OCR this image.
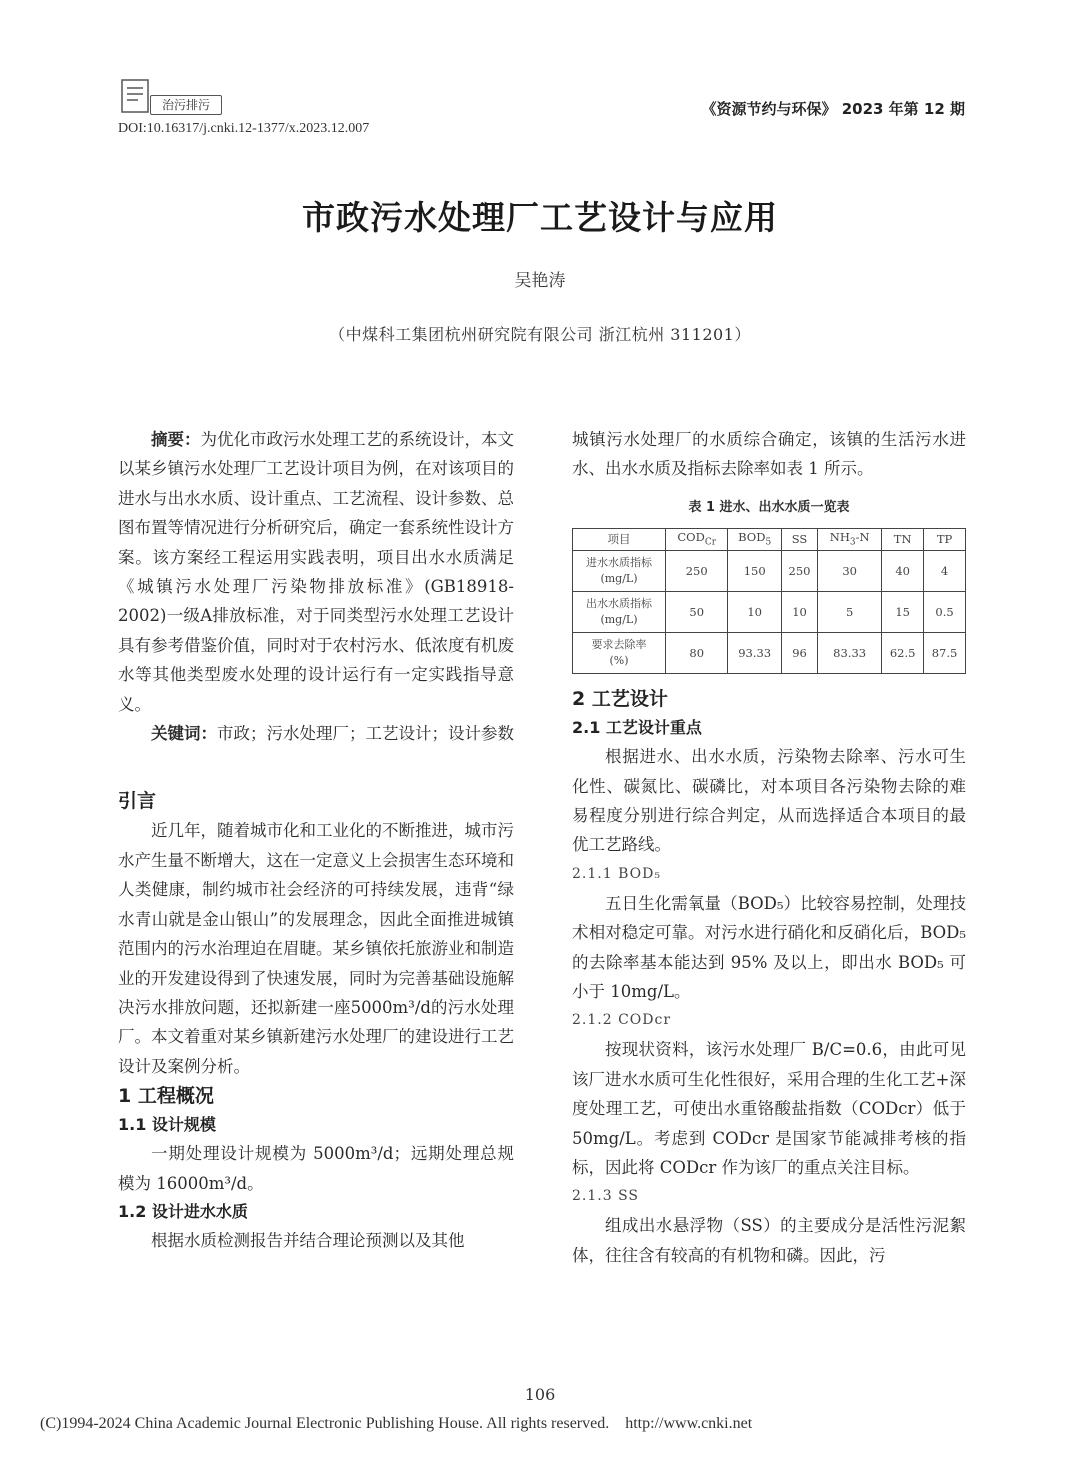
治污排污
DOI:10.16317/j.cnki.12-1377/x.2023.12.007
《资源节约与环保》 2023 年第 12 期
市政污水处理厂工艺设计与应用
吴艳涛
（中煤科工集团杭州研究院有限公司 浙江杭州 311201）

摘要：为优化市政污水处理工艺的系统设计，本文以某乡镇污水处理厂工艺设计项目为例，在对该项目的进水与出水水质、设计重点、工艺流程、设计参数、总图布置等情况进行分析研究后，确定一套系统性设计方案。该方案经工程运用实践表明，项目出水水质满足《城镇污水处理厂污染物排放标准》(GB18918-2002)一级A排放标准，对于同类型污水处理工艺设计具有参考借鉴价值，同时对于农村污水、低浓度有机废水等其他类型废水处理的设计运行有一定实践指导意义。

关键词：市政；污水处理厂；工艺设计；设计参数

引言

近几年，随着城市化和工业化的不断推进，城市污水产生量不断增大，这在一定意义上会损害生态环境和人类健康，制约城市社会经济的可持续发展，违背“绿水青山就是金山银山”的发展理念，因此全面推进城镇范围内的污水治理迫在眉睫。某乡镇依托旅游业和制造业的开发建设得到了快速发展，同时为完善基础设施解决污水排放问题，还拟新建一座5000m³/d的污水处理厂。本文着重对某乡镇新建污水处理厂的建设进行工艺设计及案例分析。

1 工程概况
1.1 设计规模

一期处理设计规模为 5000m³/d；远期处理总规模为 16000m³/d。

1.2 设计进水水质

根据水质检测报告并结合理论预测以及其他

城镇污水处理厂的水质综合确定，该镇的生活污水进水、出水水质及指标去除率如表 1 所示。

表 1 进水、出水水质一览表
项目	$COD_{Cr}$	$BOD_5$	SS	$NH_3-N$	TN	TP
进水水质指标
(mg/L)	250	150	250	30	40	4
出水水质指标
(mg/L)	50	10	10	5	15	0.5
要求去除率
(%)	80	93.33	96	83.33	62.5	87.5
2 工艺设计
2.1 工艺设计重点

根据进水、出水水质，污染物去除率、污水可生化性、碳氮比、碳磷比，对本项目各污染物去除的难易程度分别进行综合判定，从而选择适合本项目的最优工艺路线。

2.1.1 BOD₅

五日生化需氧量（BOD₅）比较容易控制，处理技术相对稳定可靠。对污水进行硝化和反硝化后，BOD₅的去除率基本能达到 95% 及以上，即出水 BOD₅ 可小于 10mg/L。

2.1.2 CODcr

按现状资料，该污水处理厂 B/C=0.6，由此可见该厂进水水质可生化性很好，采用合理的生化工艺+深度处理工艺，可使出水重铬酸盐指数（CODcr）低于 50mg/L。考虑到 CODcr 是国家节能减排考核的指标，因此将 CODcr 作为该厂的重点关注目标。

2.1.3 SS

组成出水悬浮物（SS）的主要成分是活性污泥絮体，往往含有较高的有机物和磷。因此，污

106
(C)1994-2024 China Academic Journal Electronic Publishing House. All rights reserved.    http://www.cnki.net
